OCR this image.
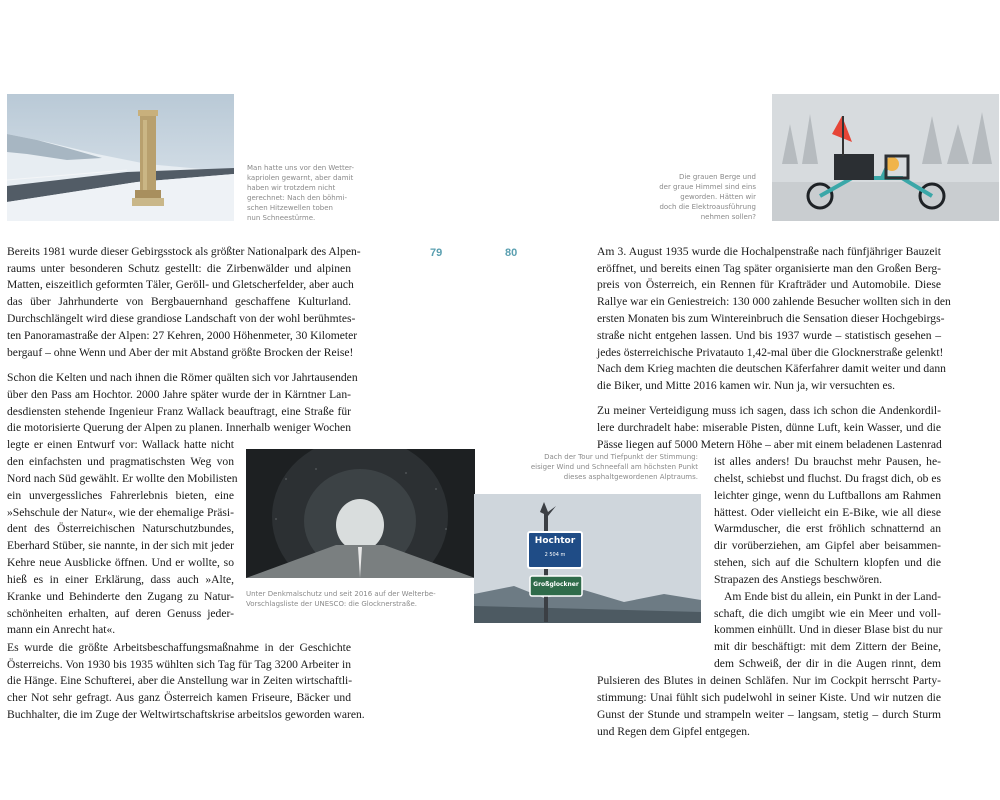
Hochtor
2 504 m
Großglockner
Man hatte uns vor den Wetter-
kapriolen gewarnt, aber damit
haben wir trotzdem nicht
gerechnet: Nach den böhmi-
schen Hitzewellen toben
nun Schneestürme.
Die grauen Berge und
der graue Himmel sind eins
geworden. Hätten wir
doch die Elektroausführung
nehmen sollen?
Unter Denkmalschutz und seit 2016 auf der Welterbe-
Vorschlagsliste der UNESCO: die Glocknerstraße.
Dach der Tour und Tiefpunkt der Stimmung:
eisiger Wind und Schneefall am höchsten Punkt
dieses asphaltgewordenen Alptraums.
79	80
Bereits 1981 wurde dieser Gebirgsstock als größter Nationalpark des Alpen-
raums unter besonderen Schutz gestellt: die Zirbenwälder und alpinen
Matten, eiszeitlich geformten Täler, Geröll- und Gletscherfelder, aber auch
das über Jahrhunderte von Bergbauernhand geschaffene Kulturland.
Durchschlängelt wird diese grandiose Landschaft von der wohl berühmtes-
ten Panoramastraße der Alpen: 27 Kehren, 2000 Höhenmeter, 30 Kilometer
bergauf – ohne Wenn und Aber der mit Abstand größte Brocken der Reise!
Schon die Kelten und nach ihnen die Römer quälten sich vor Jahrtausenden
über den Pass am Hochtor. 2000 Jahre später wurde der in Kärntner Lan-
desdiensten stehende Ingenieur Franz Wallack beauftragt, eine Straße für
die motorisierte Querung der Alpen zu planen. Innerhalb weniger Wochen
legte er einen Entwurf vor: Wallack hatte nicht
den einfachsten und pragmatischsten Weg von
Nord nach Süd gewählt. Er wollte den Mobilisten
ein unvergessliches Fahrerlebnis bieten, eine
»Sehschule der Natur«, wie der ehemalige Präsi-
dent des Österreichischen Naturschutzbundes,
Eberhard Stüber, sie nannte, in der sich mit jeder
Kehre neue Ausblicke öffnen. Und er wollte, so
hieß es in einer Erklärung, dass auch »Alte,
Kranke und Behinderte den Zugang zu Natur-
schönheiten erhalten, auf deren Genuss jeder-
mann ein Anrecht hat«.
Es wurde die größte Arbeitsbeschaffungsmaßnahme in der Geschichte
Österreichs. Von 1930 bis 1935 wühlten sich Tag für Tag 3200 Arbeiter in
die Hänge. Eine Schufterei, aber die Anstellung war in Zeiten wirtschaftli-
cher Not sehr gefragt. Aus ganz Österreich kamen Friseure, Bäcker und
Buchhalter, die im Zuge der Weltwirtschaftskrise arbeitslos geworden waren.
Am 3. August 1935 wurde die Hochalpenstraße nach fünfjähriger Bauzeit
eröffnet, und bereits einen Tag später organisierte man den Großen Berg-
preis von Österreich, ein Rennen für Krafträder und Automobile. Diese
Rallye war ein Geniestreich: 130 000 zahlende Besucher wollten sich in den
ersten Monaten bis zum Wintereinbruch die Sensation dieser Hochgebirgs-
straße nicht entgehen lassen. Und bis 1937 wurde – statistisch gesehen –
jedes österreichische Privatauto 1,42-mal über die Glocknerstraße gelenkt!
Nach dem Krieg machten die deutschen Käferfahrer damit weiter und dann
die Biker, und Mitte 2016 kamen wir. Nun ja, wir versuchten es.
Zu meiner Verteidigung muss ich sagen, dass ich schon die Andenkordil-
lere durchradelt habe: miserable Pisten, dünne Luft, kein Wasser, und die
Pässe liegen auf 5000 Metern Höhe – aber mit einem beladenen Lastenrad
ist alles anders! Du brauchst mehr Pausen, he-
chelst, schiebst und fluchst. Du fragst dich, ob es
leichter ginge, wenn du Luftballons am Rahmen
hättest. Oder vielleicht ein E-Bike, wie all diese
Warmduscher, die erst fröhlich schnatternd an
dir vorüberziehen, am Gipfel aber beisammen-
stehen, sich auf die Schultern klopfen und die
Strapazen des Anstiegs beschwören.
Am Ende bist du allein, ein Punkt in der Land-
schaft, die dich umgibt wie ein Meer und voll-
kommen einhüllt. Und in dieser Blase bist du nur
mit dir beschäftigt: mit dem Zittern der Beine,
dem Schweiß, der dir in die Augen rinnt, dem
Pulsieren des Blutes in deinen Schläfen. Nur im Cockpit herrscht Party-
stimmung: Unai fühlt sich pudelwohl in seiner Kiste. Und wir nutzen die
Gunst der Stunde und strampeln weiter – langsam, stetig – durch Sturm
und Regen dem Gipfel entgegen.
